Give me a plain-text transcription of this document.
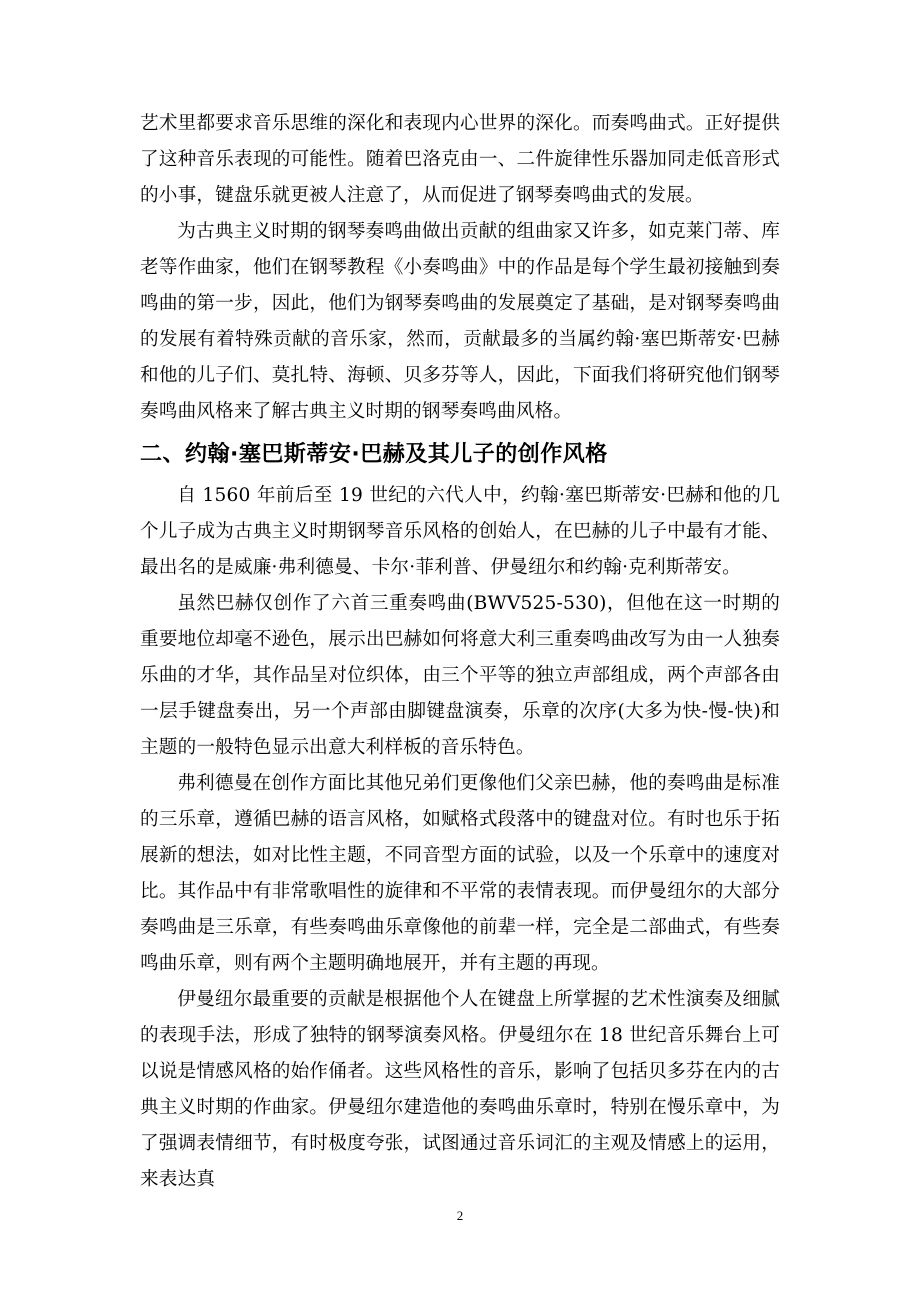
艺术里都要求音乐思维的深化和表现内心世界的深化。而奏鸣曲式。正好提供了这种音乐表现的可能性。随着巴洛克由一、二件旋律性乐器加同走低音形式的小事，键盘乐就更被人注意了，从而促进了钢琴奏鸣曲式的发展。

为古典主义时期的钢琴奏鸣曲做出贡献的组曲家又许多，如克莱门蒂、库老等作曲家，他们在钢琴教程《小奏鸣曲》中的作品是每个学生最初接触到奏鸣曲的第一步，因此，他们为钢琴奏鸣曲的发展奠定了基础，是对钢琴奏鸣曲的发展有着特殊贡献的音乐家，然而，贡献最多的当属约翰·塞巴斯蒂安·巴赫和他的儿子们、莫扎特、海顿、贝多芬等人，因此，下面我们将研究他们钢琴奏鸣曲风格来了解古典主义时期的钢琴奏鸣曲风格。

二、约翰·塞巴斯蒂安·巴赫及其儿子的创作风格

自 1560 年前后至 19 世纪的六代人中，约翰·塞巴斯蒂安·巴赫和他的几个儿子成为古典主义时期钢琴音乐风格的创始人，在巴赫的儿子中最有才能、最出名的是威廉·弗利德曼、卡尔·菲利普、伊曼纽尔和约翰·克利斯蒂安。

虽然巴赫仅创作了六首三重奏鸣曲(BWV525-530)，但他在这一时期的重要地位却毫不逊色，展示出巴赫如何将意大利三重奏鸣曲改写为由一人独奏乐曲的才华，其作品呈对位织体，由三个平等的独立声部组成，两个声部各由一层手键盘奏出，另一个声部由脚键盘演奏，乐章的次序(大多为快-慢-快)和主题的一般特色显示出意大利样板的音乐特色。

弗利德曼在创作方面比其他兄弟们更像他们父亲巴赫，他的奏鸣曲是标准的三乐章，遵循巴赫的语言风格，如赋格式段落中的键盘对位。有时也乐于拓展新的想法，如对比性主题，不同音型方面的试验，以及一个乐章中的速度对比。其作品中有非常歌唱性的旋律和不平常的表情表现。而伊曼纽尔的大部分奏鸣曲是三乐章，有些奏鸣曲乐章像他的前辈一样，完全是二部曲式，有些奏鸣曲乐章，则有两个主题明确地展开，并有主题的再现。

伊曼纽尔最重要的贡献是根据他个人在键盘上所掌握的艺术性演奏及细腻的表现手法，形成了独特的钢琴演奏风格。伊曼纽尔在 18 世纪音乐舞台上可以说是情感风格的始作俑者。这些风格性的音乐，影响了包括贝多芬在内的古典主义时期的作曲家。伊曼纽尔建造他的奏鸣曲乐章时，特别在慢乐章中，为了强调表情细节，有时极度夸张，试图通过音乐词汇的主观及情感上的运用，来表达真

2
